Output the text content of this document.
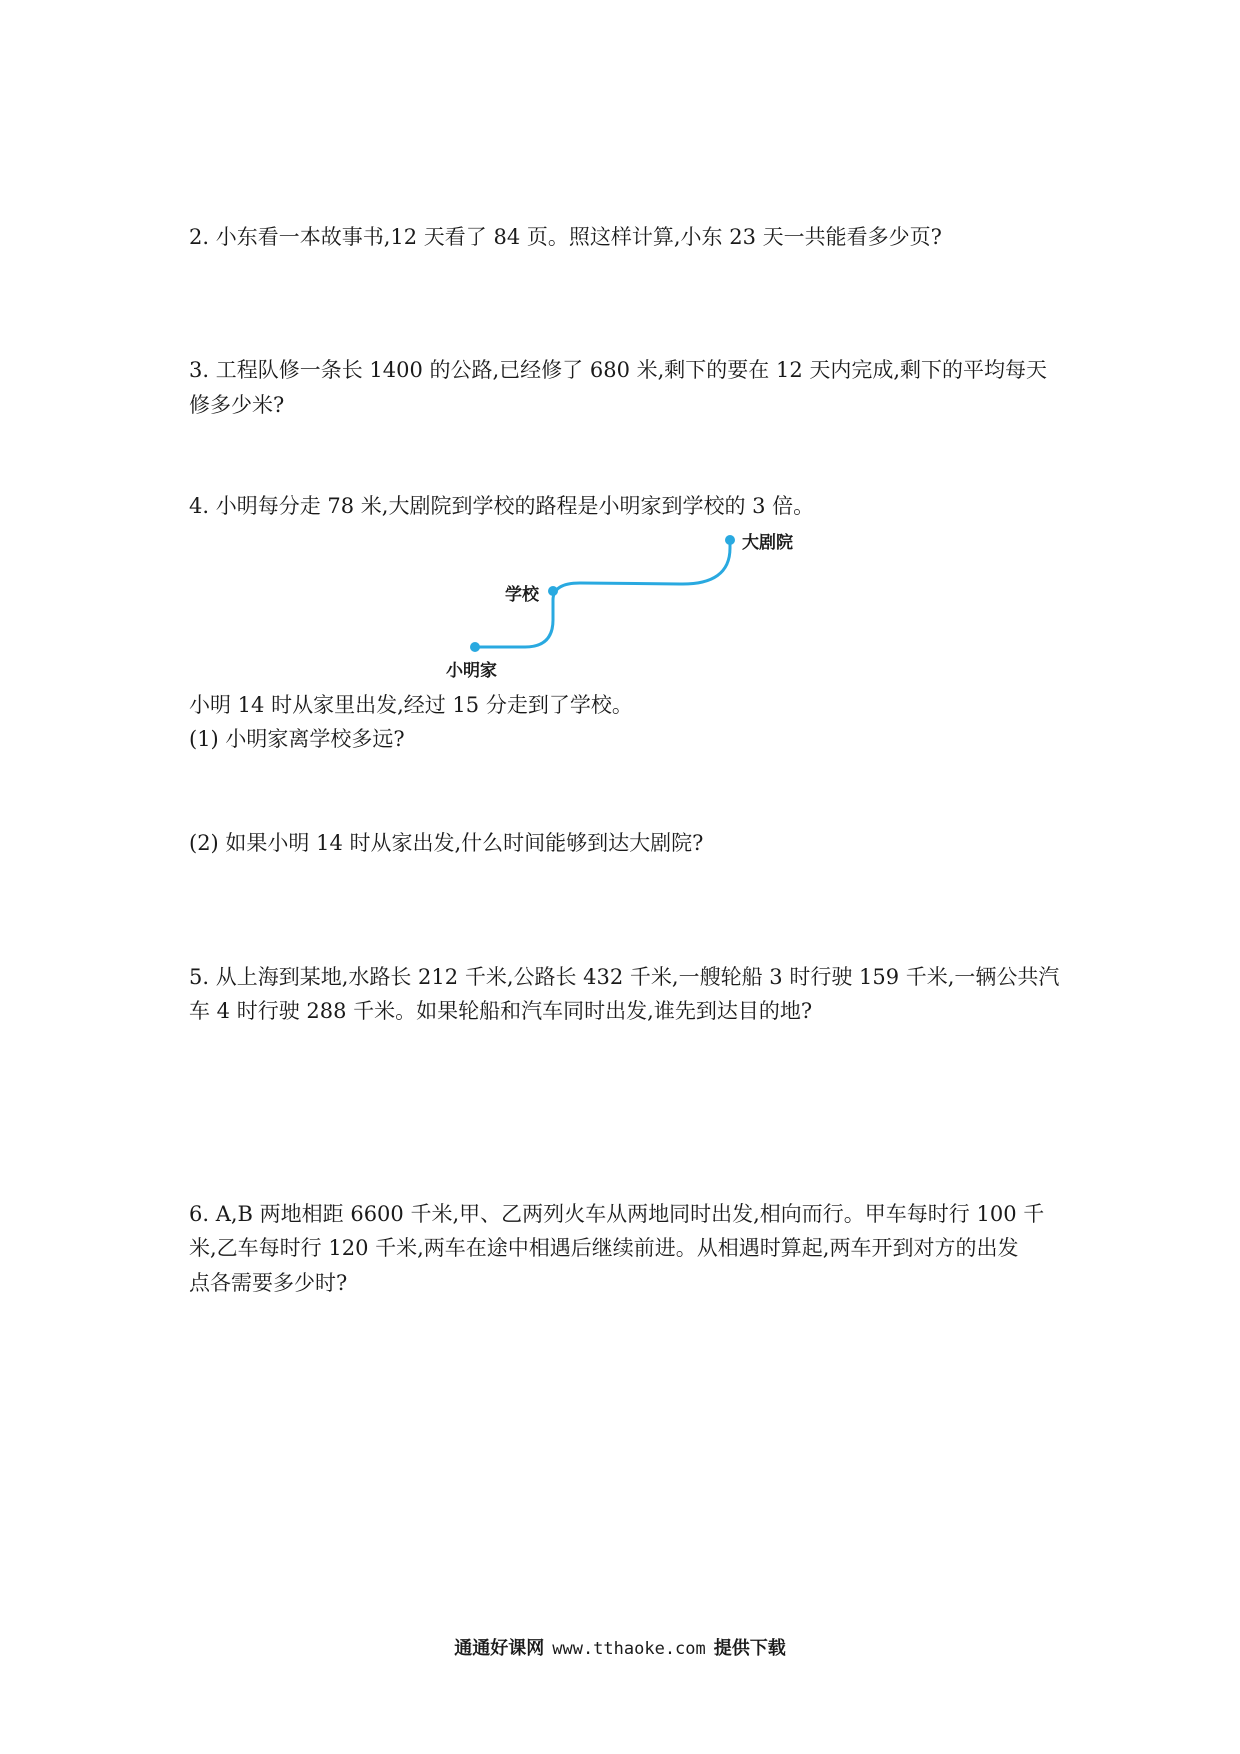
2. 小东看一本故事书,12 天看了 84 页。照这样计算,小东 23 天一共能看多少页?
3. 工程队修一条长 1400 的公路,已经修了 680 米,剩下的要在 12 天内完成,剩下的平均每天
修多少米?
4. 小明每分走 78 米,大剧院到学校的路程是小明家到学校的 3 倍。
大剧院
学校
小明家
小明 14 时从家里出发,经过 15 分走到了学校。
(1) 小明家离学校多远?
(2) 如果小明 14 时从家出发,什么时间能够到达大剧院?
5. 从上海到某地,水路长 212 千米,公路长 432 千米,一艘轮船 3 时行驶 159 千米,一辆公共汽
车 4 时行驶 288 千米。如果轮船和汽车同时出发,谁先到达目的地?
6. A,B 两地相距 6600 千米,甲、乙两列火车从两地同时出发,相向而行。甲车每时行 100 千
米,乙车每时行 120 千米,两车在途中相遇后继续前进。从相遇时算起,两车开到对方的出发
点各需要多少时?
通通好课网 www.tthaoke.com 提供下载
